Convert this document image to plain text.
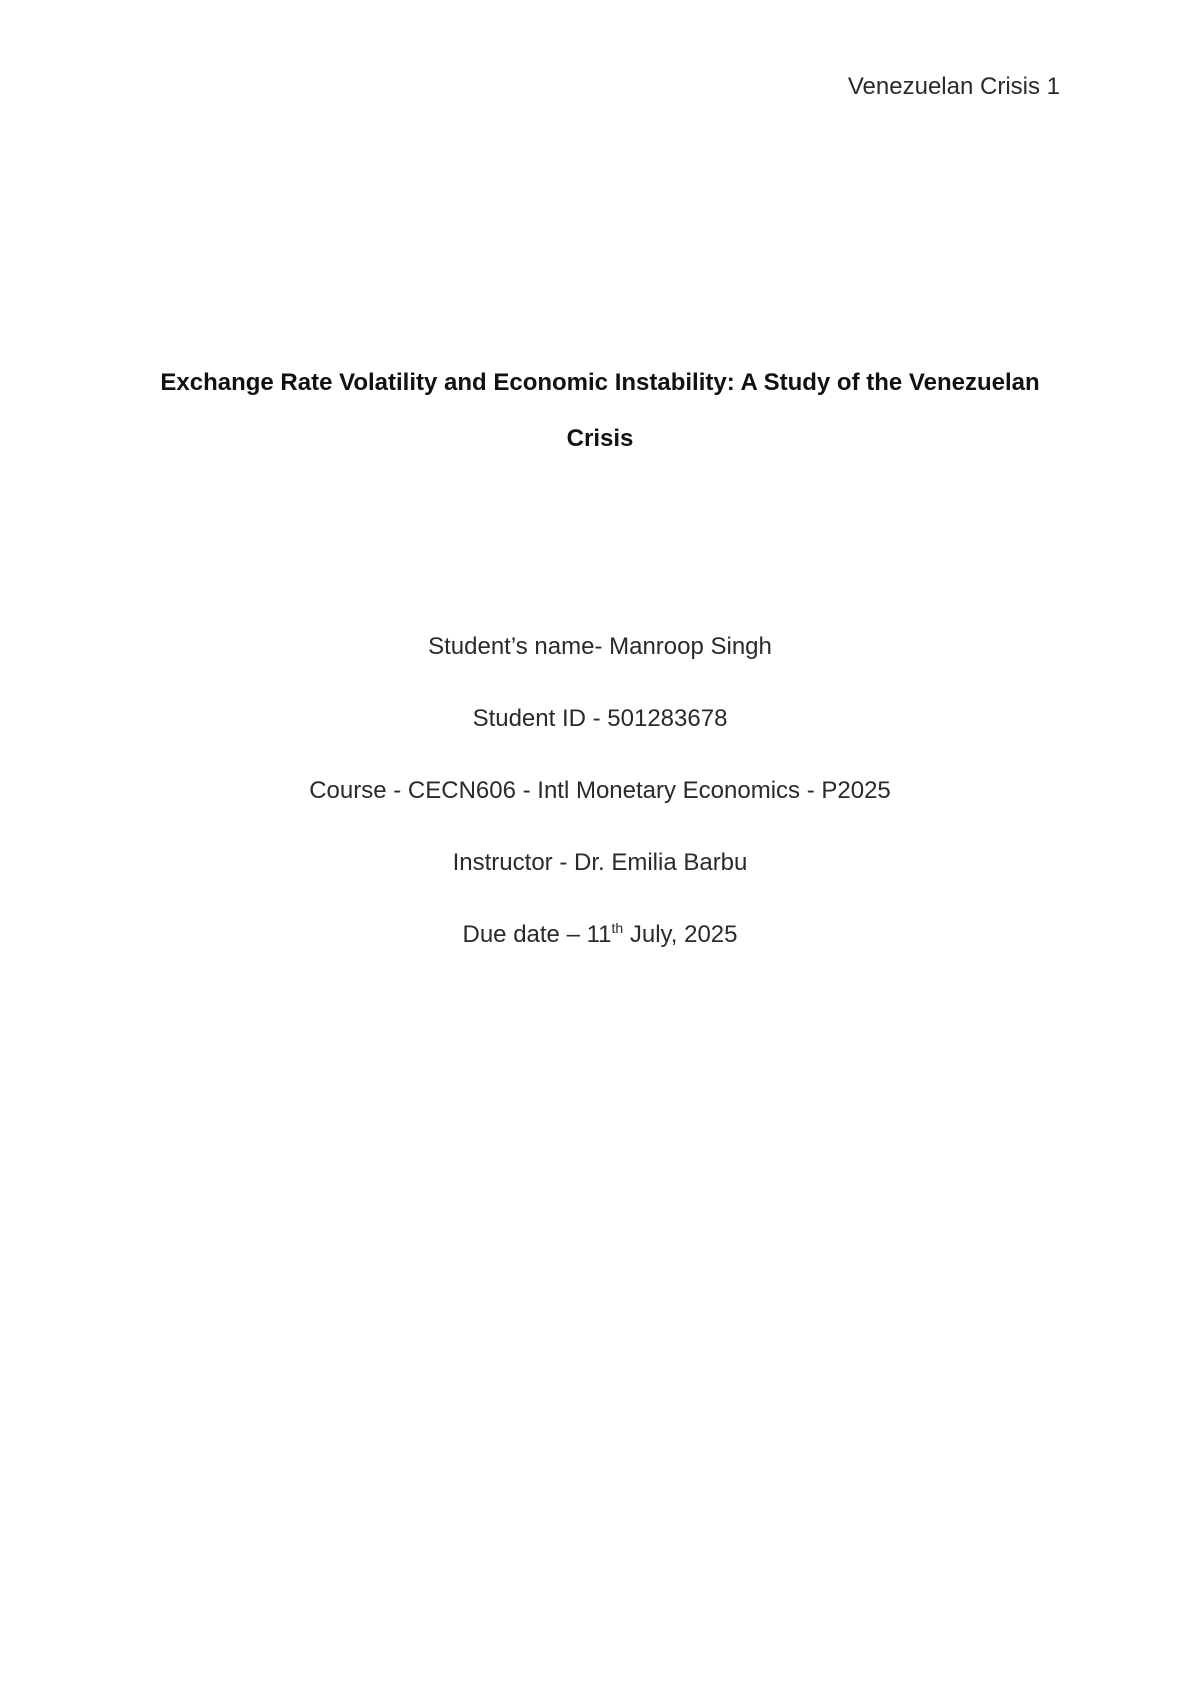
Venezuelan Crisis 1
Exchange Rate Volatility and Economic Instability: A Study of the Venezuelan
Crisis
Student’s name- Manroop Singh
Student ID - 501283678
Course - CECN606 - Intl Monetary Economics - P2025
Instructor - Dr. Emilia Barbu
Due date – 11th July, 2025
